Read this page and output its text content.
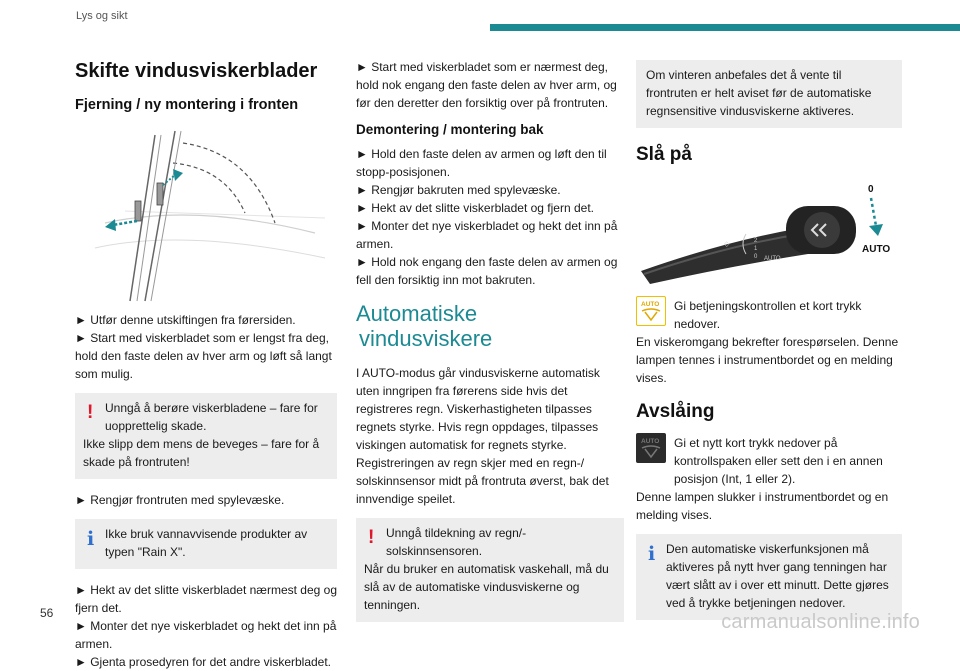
Lys og sikt
Skifte vindusviskerblader
Fjerning / ny montering i fronten

► Utfør denne utskiftingen fra førersiden.

► Start med viskerbladet som er lengst fra deg, hold den faste delen av hver arm og løft så langt som mulig.

! Unngå å berøre viskerbladene – fare for uopprettelig skade.
Ikke slipp dem mens de beveges – fare for å skade på frontruten!

► Rengjør frontruten med spylevæske.

i Ikke bruk vannavvisende produkter av typen "Rain X".

► Hekt av det slitte viskerbladet nærmest deg og fjern det.

► Monter det nye viskerbladet og hekt det inn på armen.

► Gjenta prosedyren for det andre viskerbladet.

► Start med viskerbladet som er nærmest deg, hold nok engang den faste delen av hver arm, og før den deretter den forsiktig over på frontruten.

Demontering / montering bak

► Hold den faste delen av armen og løft den til stopp-posisjonen.

► Rengjør bakruten med spylevæske.

► Hekt av det slitte viskerbladet og fjern det.

► Monter det nye viskerbladet og hekt det inn på armen.

► Hold nok engang den faste delen av armen og fell den forsiktig inn mot bakruten.

Automatiske
vindusviskere

I AUTO-modus går vindusviskerne automatisk uten inngripen fra førerens side hvis det registreres regn. Viskerhastigheten tilpasses regnets styrke. Hvis regn oppdages, tilpasses viskingen automatisk for regnets styrke. Registreringen av regn skjer med en regn-/ solskinnsensor midt på frontruta øverst, bak det innvendige speilet.

! Unngå tildekning av regn/-solskinnsensoren.
Når du bruker en automatisk vaskehall, må du slå av de automatiske vindusviskerne og tenningen.
Om vinteren anbefales det å vente til frontruten er helt aviset før de automatiske regnsensitive vindusviskerne aktiveres.
Slå på
◇	2
1
0 AUTO
0
AUTO
AUTO Gi betjeningskontrollen et kort trykk nedover.

En viskeromgang bekrefter forespørselen. Denne lampen tennes i instrumentbordet og en melding vises.

Avslåing
AUTO Gi et nytt kort trykk nedover på kontrollspaken eller sett den i en annen posisjon (Int, 1 eller 2).

Denne lampen slukker i instrumentbordet og en melding vises.

i Den automatiske viskerfunksjonen må aktiveres på nytt hver gang tenningen har vært slått av i over ett minutt. Dette gjøres ved å trykke betjeningen nedover.
56	carmanualsonline.info
